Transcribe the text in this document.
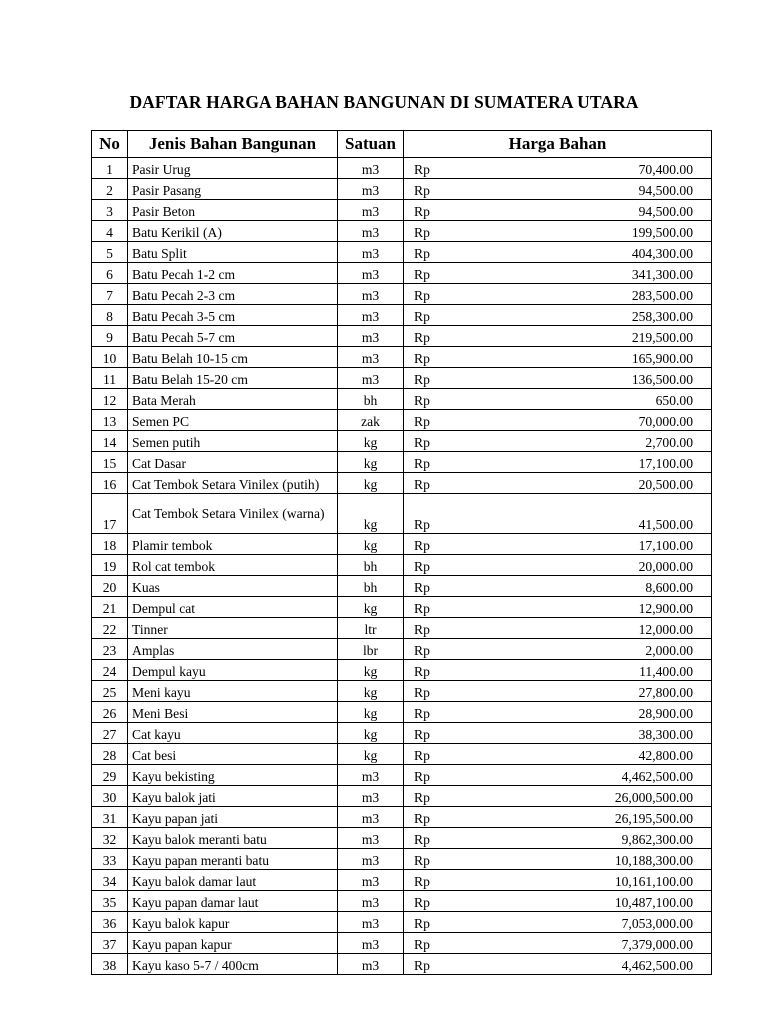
DAFTAR HARGA BAHAN BANGUNAN DI SUMATERA UTARA
No	Jenis Bahan Bangunan	Satuan	Harga Bahan
1	Pasir Urug	m3	Rp 70,400.00

2	Pasir Pasang	m3	Rp 94,500.00

3	Pasir Beton	m3	Rp 94,500.00

4	Batu Kerikil (A)	m3	Rp 199,500.00

5	Batu Split	m3	Rp 404,300.00

6	Batu Pecah 1-2 cm	m3	Rp 341,300.00

7	Batu Pecah 2-3 cm	m3	Rp 283,500.00

8	Batu Pecah 3-5 cm	m3	Rp 258,300.00

9	Batu Pecah 5-7 cm	m3	Rp 219,500.00

10	Batu Belah 10-15 cm	m3	Rp 165,900.00

11	Batu Belah 15-20 cm	m3	Rp 136,500.00

12	Bata Merah	bh	Rp 650.00

13	Semen PC	zak	Rp 70,000.00

14	Semen putih	kg	Rp 2,700.00

15	Cat Dasar	kg	Rp 17,100.00

16	Cat Tembok Setara Vinilex (putih)	kg	Rp 20,500.00

17	Cat Tembok Setara Vinilex (warna)	kg	Rp 41,500.00

18	Plamir tembok	kg	Rp 17,100.00

19	Rol cat tembok	bh	Rp 20,000.00

20	Kuas	bh	Rp 8,600.00

21	Dempul cat	kg	Rp 12,900.00

22	Tinner	ltr	Rp 12,000.00

23	Amplas	lbr	Rp 2,000.00

24	Dempul kayu	kg	Rp 11,400.00

25	Meni kayu	kg	Rp 27,800.00

26	Meni Besi	kg	Rp 28,900.00

27	Cat kayu	kg	Rp 38,300.00

28	Cat besi	kg	Rp 42,800.00

29	Kayu bekisting	m3	Rp 4,462,500.00

30	Kayu balok jati	m3	Rp 26,000,500.00

31	Kayu papan jati	m3	Rp 26,195,500.00

32	Kayu balok meranti batu	m3	Rp 9,862,300.00

33	Kayu papan meranti batu	m3	Rp 10,188,300.00

34	Kayu balok damar laut	m3	Rp 10,161,100.00

35	Kayu papan damar laut	m3	Rp 10,487,100.00

36	Kayu balok kapur	m3	Rp 7,053,000.00

37	Kayu papan kapur	m3	Rp 7,379,000.00

38	Kayu kaso 5-7 / 400cm	m3	Rp 4,462,500.00
